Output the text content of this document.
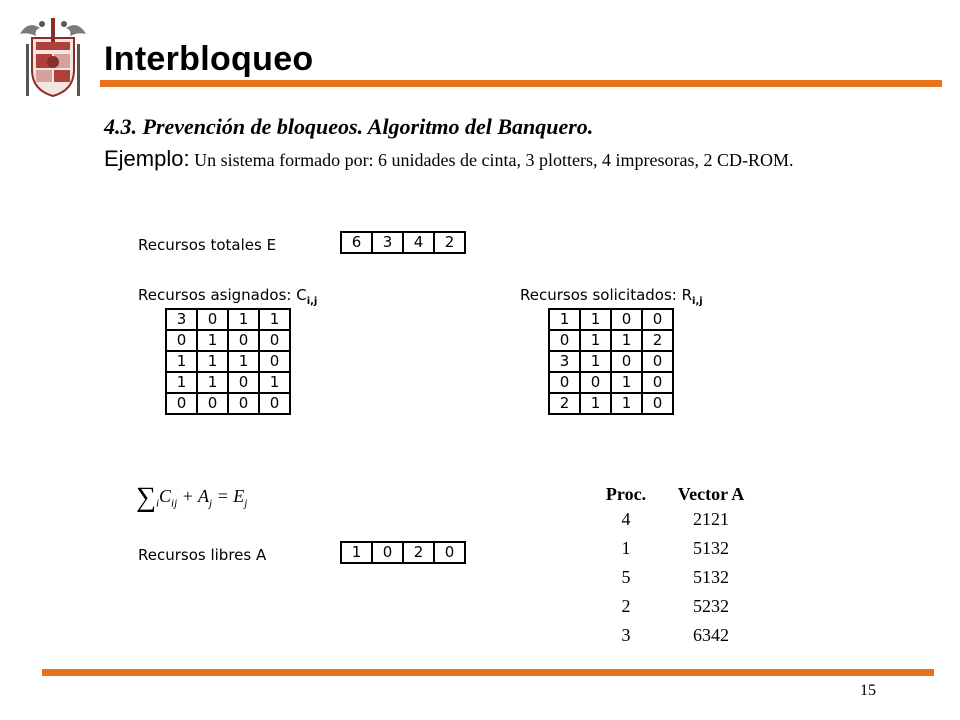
Interbloqueo
4.3. Prevención de bloqueos. Algoritmo del Banquero.
Ejemplo: Un sistema formado por: 6 unidades de cinta, 3 plotters, 4 impresoras, 2 CD-ROM.
Recursos totales E	6	3	4	2
Recursos asignados: $C_{i,j}$
3	0	1	1
0	1	0	0
1	1	1	0
1	1	0	1
0	0	0	0
Recursos solicitados: $R_{i,j}$
1	1	0	0
0	1	1	2
3	1	0	0
0	0	1	0
2	1	1	0
$\sum_iC_{ij} + A_j = E_j$
Recursos libres A	1	0	2	0
Proc. Vector A
4	2121
1	5132
5	5132
2	5232
3	6342
15
